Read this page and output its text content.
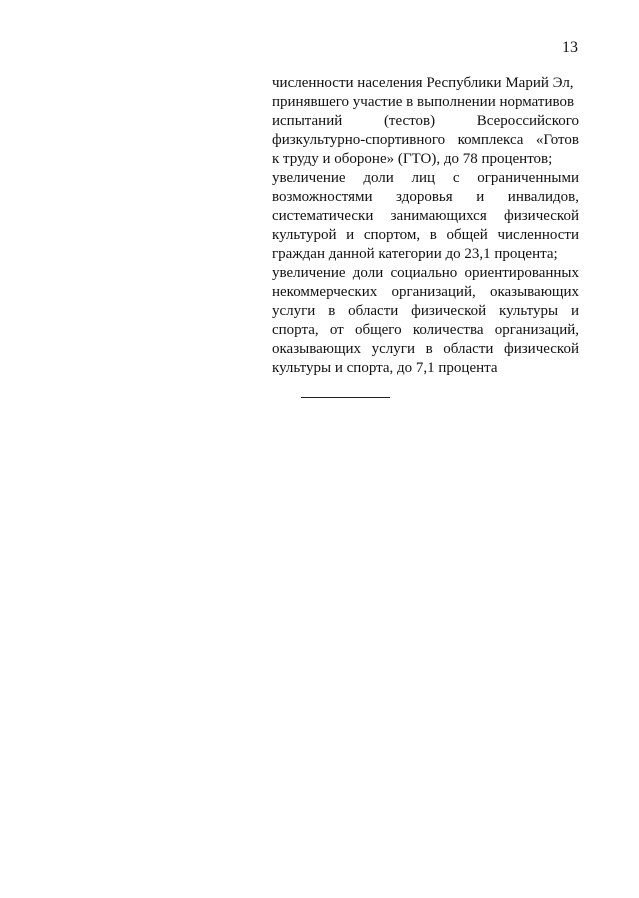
13
численности населения Республики Марий Эл,
принявшего участие в выполнении нормативов
испытаний (тестов) Всероссийского
физкультурно-спортивного комплекса «Готов
к труду и обороне» (ГТО), до 78 процентов;
увеличение доли лиц с ограниченными
возможностями здоровья и инвалидов,
систематически занимающихся физической
культурой и спортом, в общей численности
граждан данной категории до 23,1 процента;
увеличение доли социально ориентированных
некоммерческих организаций, оказывающих
услуги в области физической культуры и
спорта, от общего количества организаций,
оказывающих услуги в области физической
культуры и спорта, до 7,1 процента
